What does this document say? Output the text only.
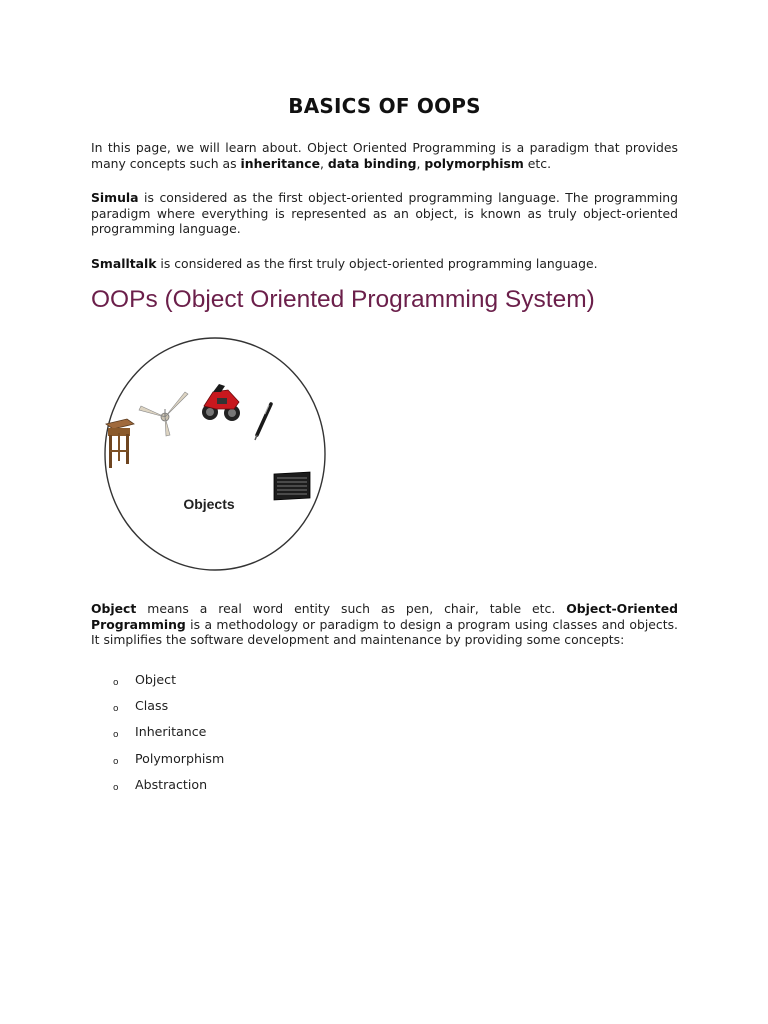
BASICS OF OOPS

In this page, we will learn about. Object Oriented Programming is a paradigm that provides many concepts such as inheritance, data binding, polymorphism etc.

Simula is considered as the first object-oriented programming language. The programming paradigm where everything is represented as an object, is known as truly object-oriented programming language.

Smalltalk is considered as the first truly object-oriented programming language.

OOPs (Object Oriented Programming System)
Objects

Object means a real word entity such as pen, chair, table etc. Object-Oriented Programming is a methodology or paradigm to design a program using classes and objects. It simplifies the software development and maintenance by providing some concepts:

o Object
o Class
o Inheritance
o Polymorphism
o Abstraction
